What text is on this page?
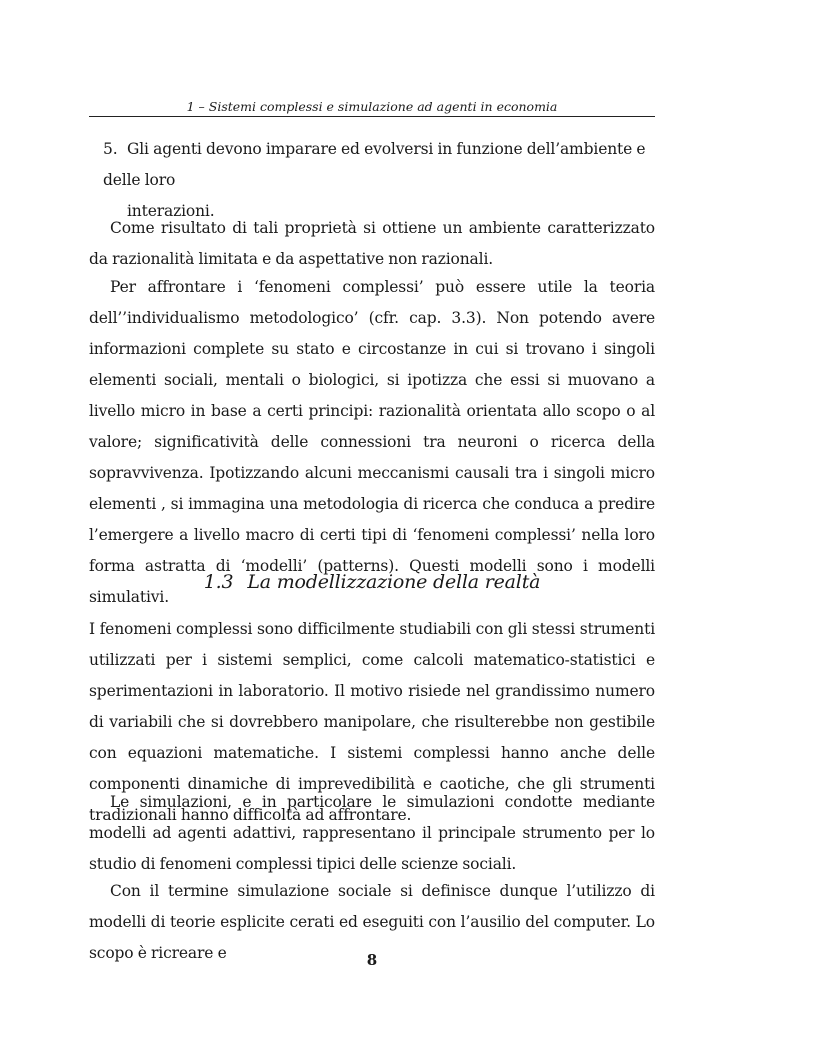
1 – Sistemi complessi e simulazione ad agenti in economia
5. Gli agenti devono imparare ed evolversi in funzione dell’ambiente e delle loro
interazioni.

Come risultato di tali proprietà si ottiene un ambiente caratterizzato da razionalità limitata e da aspettative non razionali.

Per affrontare i ‘fenomeni complessi’ può essere utile la teoria dell’’individualismo metodologico’ (cfr. cap. 3.3). Non potendo avere informazioni complete su stato e circostanze in cui si trovano i singoli elementi sociali, mentali o biologici, si ipotizza che essi si muovano a livello micro in base a certi principi: razionalità orientata allo scopo o al valore; significatività delle connessioni tra neuroni o ricerca della sopravvivenza. Ipotizzando alcuni meccanismi causali tra i singoli micro elementi , si immagina una metodologia di ricerca che conduca a predire l’emergere a livello macro di certi tipi di ‘fenomeni complessi’ nella loro forma astratta di ‘modelli’ (patterns). Questi modelli sono i modelli simulativi.

1.3 La modellizzazione della realtà

I fenomeni complessi sono difficilmente studiabili con gli stessi strumenti utilizzati per i sistemi semplici, come calcoli matematico-statistici e sperimentazioni in laboratorio. Il motivo risiede nel grandissimo numero di variabili che si dovrebbero manipolare, che risulterebbe non gestibile con equazioni matematiche. I sistemi complessi hanno anche delle componenti dinamiche di imprevedibilità e caotiche, che gli strumenti tradizionali hanno difficoltà ad affrontare.

Le simulazioni, e in particolare le simulazioni condotte mediante modelli ad agenti adattivi, rappresentano il principale strumento per lo studio di fenomeni complessi tipici delle scienze sociali.

Con il termine simulazione sociale si definisce dunque l’utilizzo di modelli di teorie esplicite cerati ed eseguiti con l’ausilio del computer. Lo scopo è ricreare e	8
